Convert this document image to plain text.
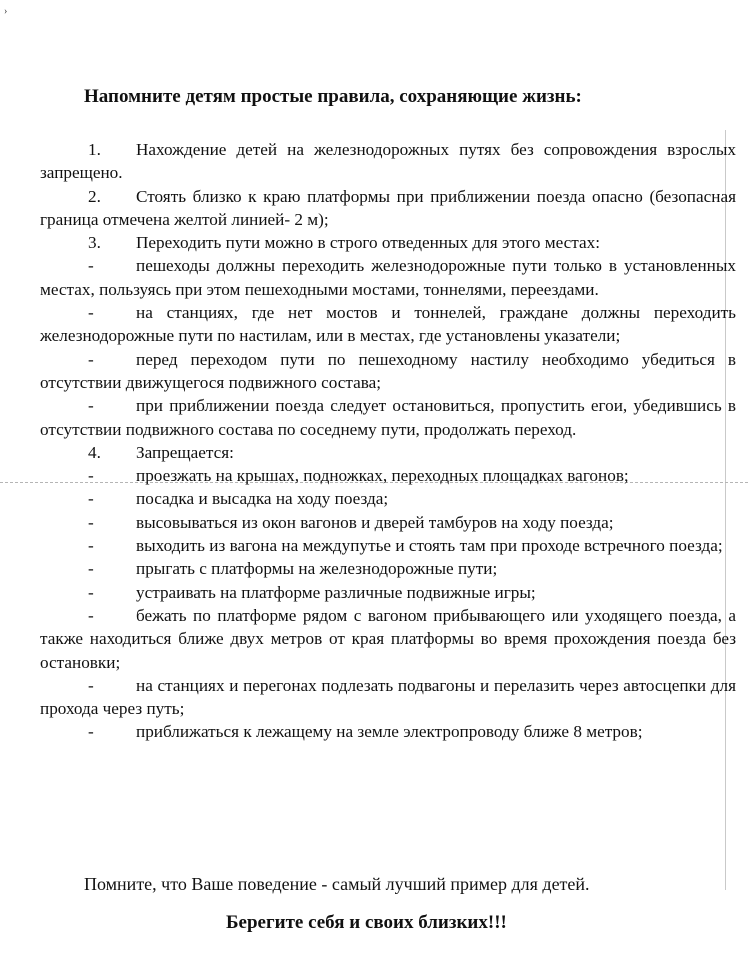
›
Напомните детям простые правила, сохраняющие жизнь:

1. Нахождение детей на железнодорожных путях без сопровождения взрослых запрещено.

2. Стоять близко к краю платформы при приближении поезда опасно (безопасная граница отмечена желтой линией- 2 м);

3. Переходить пути можно в строго отведенных для этого местах:

- пешеходы должны переходить железнодорожные пути только в установленных местах, пользуясь при этом пешеходными мостами, тоннелями, переездами.

- на станциях, где нет мостов и тоннелей, граждане должны переходить железнодорожные пути по настилам, или в местах, где установлены указатели;

- перед переходом пути по пешеходному настилу необходимо убедиться в отсутствии движущегося подвижного состава;

- при приближении поезда следует остановиться, пропустить егои, убедившись в отсутствии подвижного состава по соседнему пути, продолжать переход.

4. Запрещается:

- проезжать на крышах, подножках, переходных площадках вагонов;

- посадка и высадка на ходу поезда;

- высовываться из окон вагонов и дверей тамбуров на ходу поезда;

- выходить из вагона на междупутье и стоять там при проходе встречного поезда;

- прыгать с платформы на железнодорожные пути;

- устраивать на платформе различные подвижные игры;

- бежать по платформе рядом с вагоном прибывающего или уходящего поезда, а также находиться ближе двух метров от края платформы во время прохождения поезда без остановки;

- на станциях и перегонах подлезать подвагоны и перелазить через автосцепки для прохода через путь;

- приближаться к лежащему на земле электропроводу ближе 8 метров;

Помните, что Ваше поведение - самый лучший пример для детей.
Берегите себя и своих близких!!!
